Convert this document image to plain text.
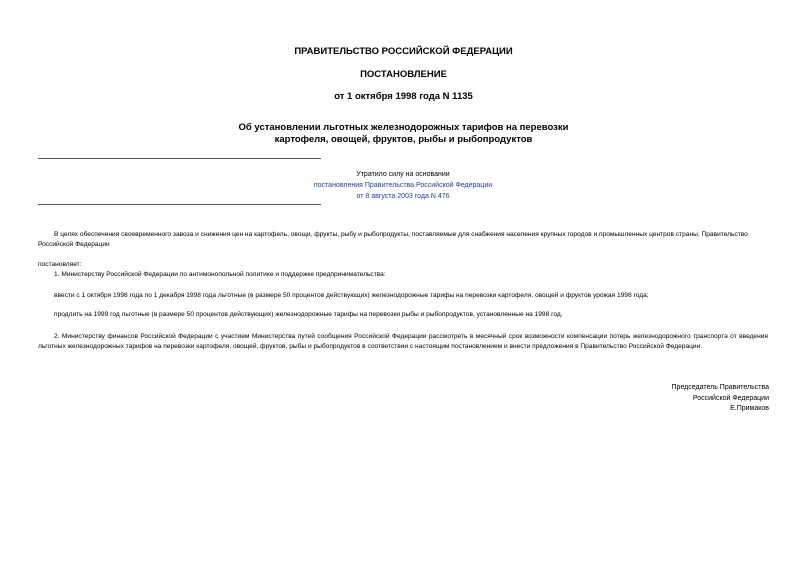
ПРАВИТЕЛЬСТВО РОССИЙСКОЙ ФЕДЕРАЦИИ

ПОСТАНОВЛЕНИЕ

от 1 октября 1998 года N 1135

Об установлении льготных железнодорожных тарифов на перевозки
картофеля, овощей, фруктов, рыбы и рыбопродуктов

Утратило силу на основании
постановления Правительства Российской Федерации
от 8 августа 2003 года N 476

В целях обеспечения своевременного завоза и снижения цен на картофель, овощи, фрукты, рыбу и рыбопродукты, поставляемые для снабжения населения крупных городов и промышленных центров страны, Правительство Российской Федерации

постановляет:

1. Министерству Российской Федерации по антимонопольной политике и поддержке предпринимательства:

ввести с 1 октября 1998 года по 1 декабря 1998 года льготные (в размере 50 процентов действующих) железнодорожные тарифы на перевозки картофеля, овощей и фруктов урожая 1998 года;

продлить на 1999 год льготные (в размере 50 процентов действующих) железнодорожные тарифы на перевозки рыбы и рыбопродуктов, установленные на 1998 год.

2. Министерству финансов Российской Федерации с участием Министерства путей сообщения Российской Федерации рассмотреть в месячный срок возможности компенсации потерь железнодорожного транспорта от введения льготных железнодорожных тарифов на перевозки картофеля, овощей, фруктов, рыбы и рыбопродуктов в соответствии с настоящим постановлением и внести предложения в Правительство Российской Федерации.

Председатель Правительства
Российской Федерации
Е.Примаков
